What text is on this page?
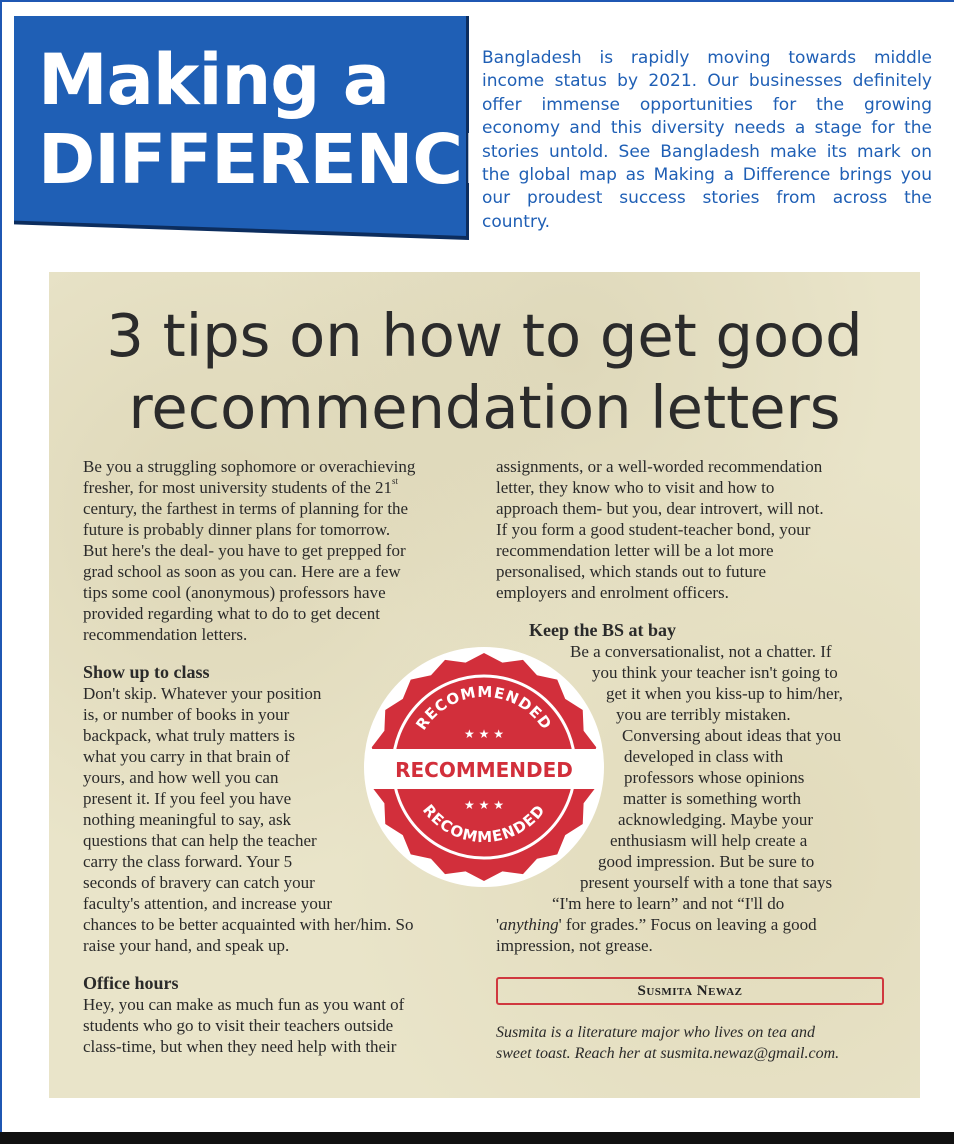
Making a
DIFFERENCE
Bangladesh is rapidly moving towards middle income status by 2021. Our businesses definitely offer immense opportunities for the growing economy and this diversity needs a stage for the stories untold. See Bangladesh make its mark on the global map as Making a Difference brings you our proudest success stories from across the country.
3 tips on how to get good
recommendation letters

Be you a struggling sophomore or overachieving
fresher, for most university students of the 21st
century, the farthest in terms of planning for the
future is probably dinner plans for tomorrow.
But here's the deal- you have to get prepped for
grad school as soon as you can. Here are a few
tips some cool (anonymous) professors have
provided regarding what to do to get decent
recommendation letters.

Show up to class

Don't skip. Whatever your position
is, or number of books in your
backpack, what truly matters is
what you carry in that brain of
yours, and how well you can
present it. If you feel you have
nothing meaningful to say, ask
questions that can help the teacher
carry the class forward. Your 5
seconds of bravery can catch your
faculty's attention, and increase your
chances to be better acquainted with her/him. So
raise your hand, and speak up.

Office hours

Hey, you can make as much fun as you want of
students who go to visit their teachers outside
class-time, but when they need help with their

assignments, or a well-worded recommendation
letter, they know who to visit and how to
approach them- but you, dear introvert, will not.
If you form a good student-teacher bond, your
recommendation letter will be a lot more
personalised, which stands out to future
employers and enrolment officers.

Keep the BS at bay

Be a conversationalist, not a chatter. If
you think your teacher isn't going to
get it when you kiss-up to him/her,
you are terribly mistaken.
Conversing about ideas that you
developed in class with
professors whose opinions
matter is something worth
acknowledging. Maybe your
enthusiasm will help create a
good impression. But be sure to
present yourself with a tone that says
“I'm here to learn” and not “I'll do
'anything' for grades.” Focus on leaving a good
impression, not grease.

RECOMMENDED
RECOMMENDED
★ ★ ★
★ ★ ★
RECOMMENDED
Susmita Newaz
Susmita is a literature major who lives on tea and
sweet toast. Reach her at susmita.newaz@gmail.com.
